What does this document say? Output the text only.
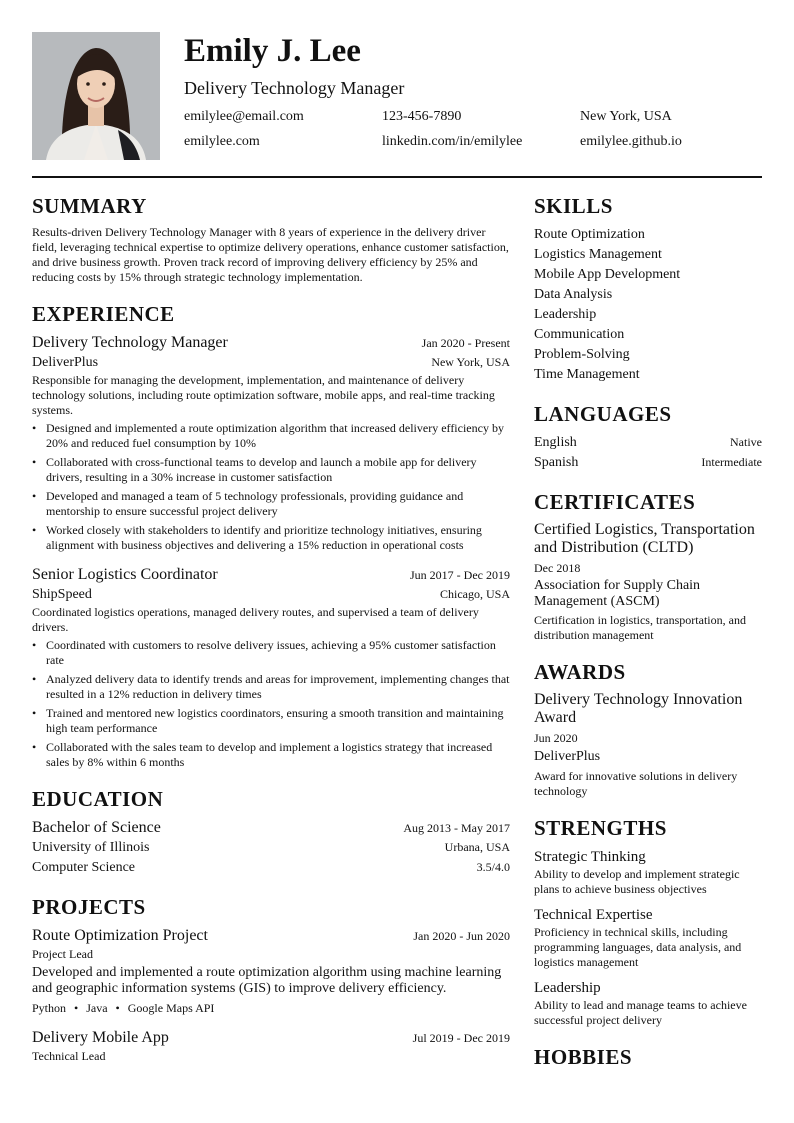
Emily J. Lee
Delivery Technology Manager
emilylee@email.com	123-456-7890	New York, USA
emilylee.com	linkedin.com/in/emilylee	emilylee.github.io
SUMMARY
Results-driven Delivery Technology Manager with 8 years of experience in the delivery driver field, leveraging technical expertise to optimize delivery operations, enhance customer satisfaction, and drive business growth. Proven track record of improving delivery efficiency by 25% and reducing costs by 15% through strategic technology implementation.
EXPERIENCE
Delivery Technology Manager	Jan 2020 - Present
DeliverPlus	New York, USA
Responsible for managing the development, implementation, and maintenance of delivery technology solutions, including route optimization software, mobile apps, and real-time tracking systems.
• Designed and implemented a route optimization algorithm that increased delivery efficiency by 20% and reduced fuel consumption by 10%
• Collaborated with cross-functional teams to develop and launch a mobile app for delivery drivers, resulting in a 30% increase in customer satisfaction
• Developed and managed a team of 5 technology professionals, providing guidance and mentorship to ensure successful project delivery
• Worked closely with stakeholders to identify and prioritize technology initiatives, ensuring alignment with business objectives and delivering a 15% reduction in operational costs
Senior Logistics Coordinator	Jun 2017 - Dec 2019
ShipSpeed	Chicago, USA
Coordinated logistics operations, managed delivery routes, and supervised a team of delivery drivers.
• Coordinated with customers to resolve delivery issues, achieving a 95% customer satisfaction rate
• Analyzed delivery data to identify trends and areas for improvement, implementing changes that resulted in a 12% reduction in delivery times
• Trained and mentored new logistics coordinators, ensuring a smooth transition and maintaining high team performance
• Collaborated with the sales team to develop and implement a logistics strategy that increased sales by 8% within 6 months
EDUCATION
Bachelor of Science	Aug 2013 - May 2017
University of Illinois	Urbana, USA
Computer Science	3.5/4.0
PROJECTS
Route Optimization Project	Jan 2020 - Jun 2020
Project Lead
Developed and implemented a route optimization algorithm using machine learning and geographic information systems (GIS) to improve delivery efficiency.
Python • Java • Google Maps API
Delivery Mobile App	Jul 2019 - Dec 2019
Technical Lead
SKILLS
Route Optimization
Logistics Management
Mobile App Development
Data Analysis
Leadership
Communication
Problem-Solving
Time Management
LANGUAGES
English	Native
Spanish	Intermediate
CERTIFICATES
Certified Logistics, Transportation and Distribution (CLTD)
Dec 2018
Association for Supply Chain Management (ASCM)
Certification in logistics, transportation, and distribution management
AWARDS
Delivery Technology Innovation Award
Jun 2020
DeliverPlus
Award for innovative solutions in delivery technology
STRENGTHS
Strategic Thinking
Ability to develop and implement strategic plans to achieve business objectives
Technical Expertise
Proficiency in technical skills, including programming languages, data analysis, and logistics management
Leadership
Ability to lead and manage teams to achieve successful project delivery
HOBBIES
